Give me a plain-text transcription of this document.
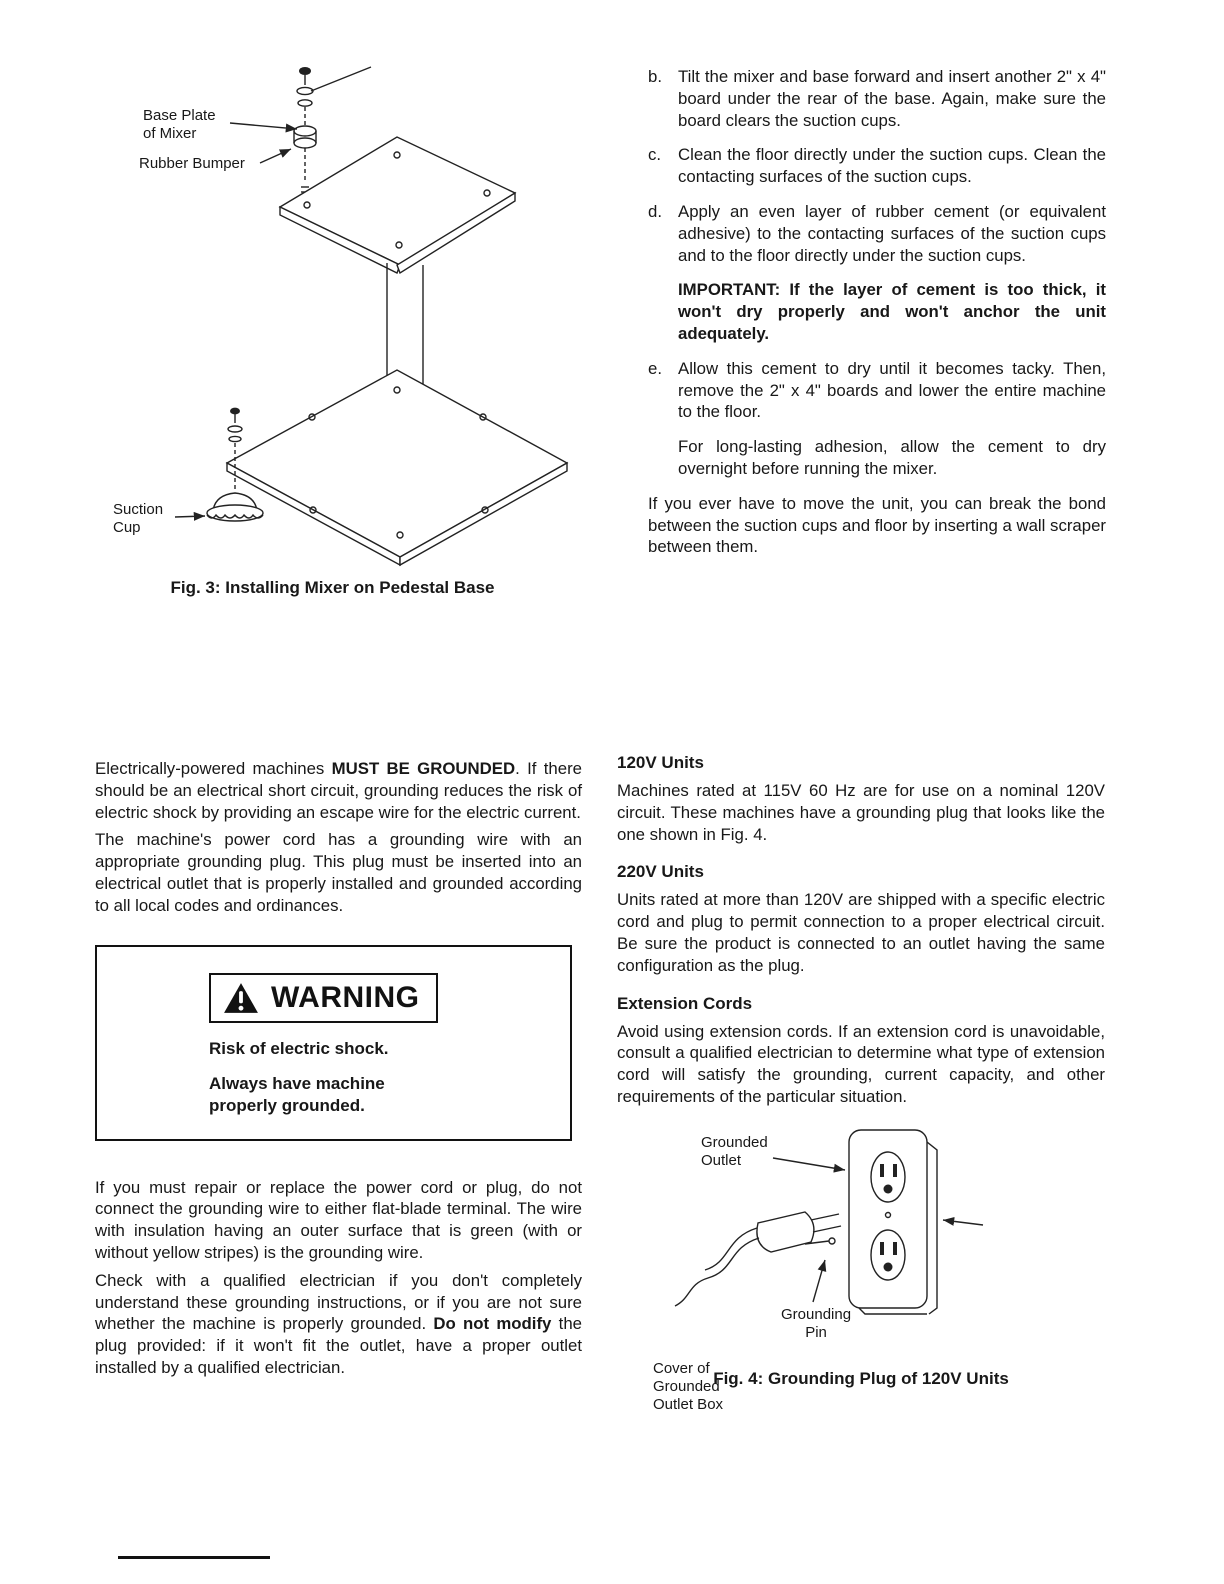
Base Plate
of Mixer
Rubber Bumper
Suction
Cup
Fig. 3: Installing Mixer on Pedestal Base
b. Tilt the mixer and base forward and insert another 2" x 4" board under the rear of the base. Again, make sure the board clears the suction cups.

c.	Clean the floor directly under the suction cups. Clean the contacting surfaces of the suction cups.

d. Apply an even layer of rubber cement (or equivalent adhesive) to the contacting surfaces of the suction cups and to the floor directly under the suction cups.

IMPORTANT: If the layer of cement is too thick, it won't dry properly and won't anchor the unit adequately.

e. Allow this cement to dry until it becomes tacky. Then, remove the 2" x 4" boards and lower the entire machine to the floor.

For long-lasting adhesion, allow the cement to dry overnight before running the mixer.

If you ever have to move the unit, you can break the bond between the suction cups and floor by inserting a wall scraper between them.

Electrically-powered machines MUST BE GROUNDED. If there should be an electrical short circuit, grounding reduces the risk of electric shock by providing an escape wire for the electric current.

The machine's power cord has a grounding wire with an appropriate grounding plug. This plug must be inserted into an electrical outlet that is properly installed and grounded according to all local codes and ordinances.

WARNING
Risk of electric shock.
Always have machine
properly grounded.

If you must repair or replace the power cord or plug, do not connect the grounding wire to either flat-blade terminal. The wire with insulation having an outer surface that is green (with or without yellow stripes) is the grounding wire.

Check with a qualified electrician if you don't completely understand these grounding instructions, or if you are not sure whether the machine is properly grounded. Do not modify the plug provided: if it won't fit the outlet, have a proper outlet installed by a qualified electrician.

120V Units

Machines rated at 115V 60 Hz are for use on a nominal 120V circuit. These machines have a grounding plug that looks like the one shown in Fig. 4.

220V Units

Units rated at more than 120V are shipped with a specific electric cord and plug to permit connection to a proper electrical circuit. Be sure the product is connected to an outlet having the same configuration as the plug.

Extension Cords

Avoid using extension cords. If an extension cord is unavoidable, consult a qualified electrician to determine what type of extension cord will satisfy the grounding, current capacity, and other requirements of the particular situation.

Grounded
Outlet
Cover of
Grounded
Outlet Box
Grounding
Pin
Fig. 4: Grounding Plug of 120V Units
